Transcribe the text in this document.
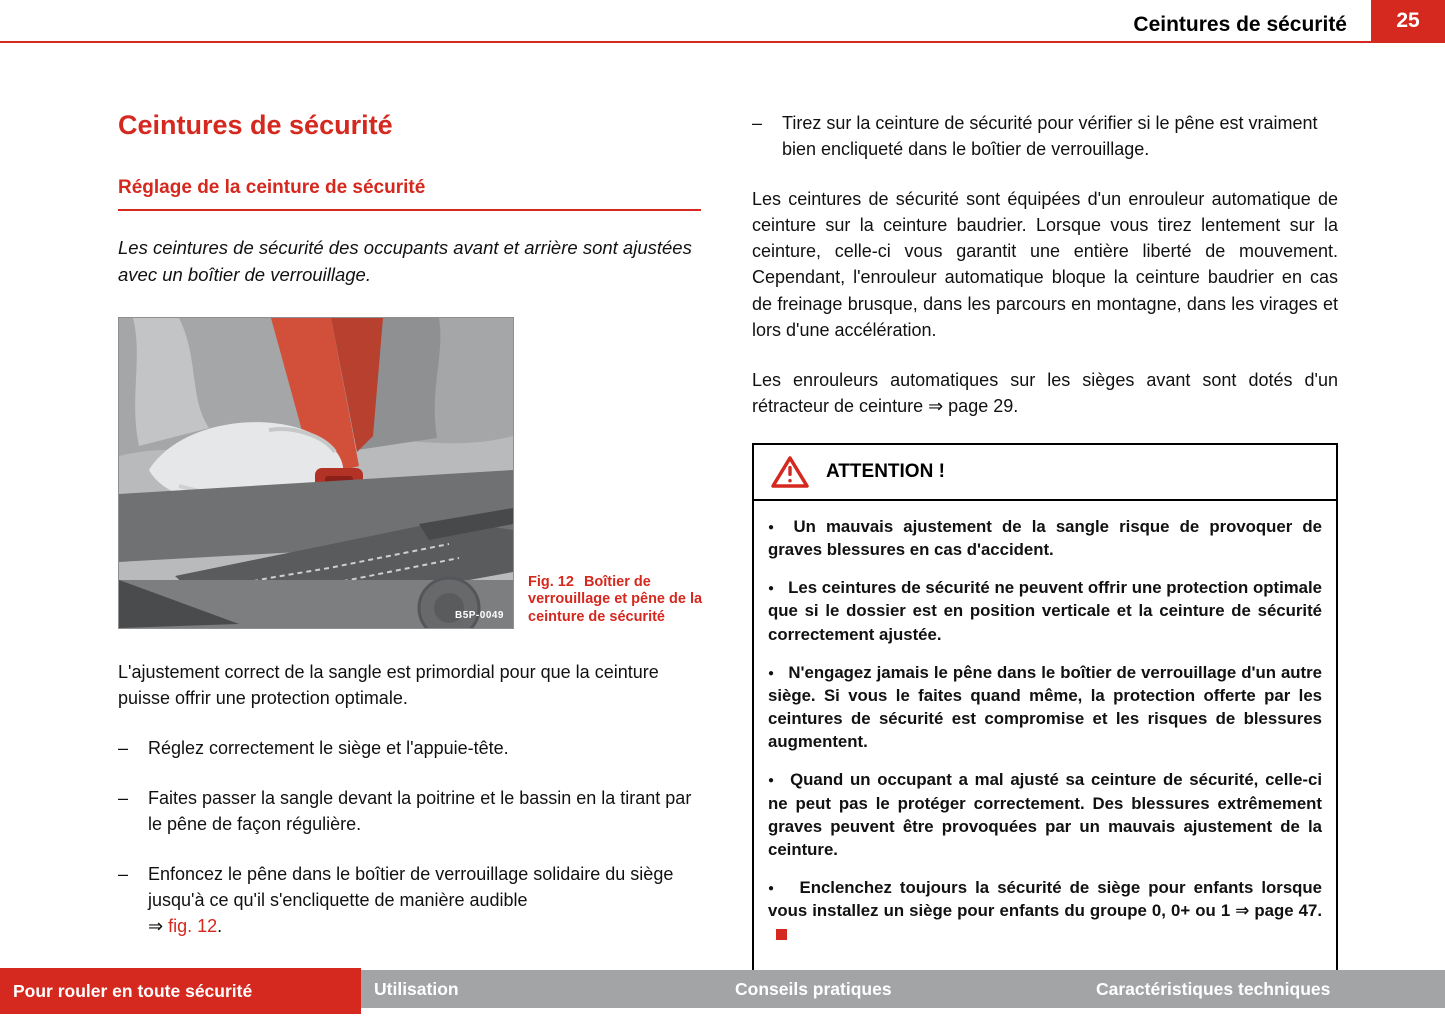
Ceintures de sécurité	25
Ceintures de sécurité
Réglage de la ceinture de sécurité

Les ceintures de sécurité des occupants avant et arrière sont ajustées avec un boîtier de verrouillage.

B5P-0049
Fig. 12 Boîtier de verrouillage et pêne de la ceinture de sécurité

L'ajustement correct de la sangle est primordial pour que la ceinture puisse offrir une protection optimale.

– Réglez correctement le siège et l'appuie-tête.
– Faites passer la sangle devant la poitrine et le bassin en la tirant par le pêne de façon régulière.
– Enfoncez le pêne dans le boîtier de verrouillage solidaire du siège jusqu'à ce qu'il s'encliquette de manière audible
⇒ fig. 12.
– Tirez sur la ceinture de sécurité pour vérifier si le pêne est vraiment bien encliqueté dans le boîtier de verrouillage.

Les ceintures de sécurité sont équipées d'un enrouleur automatique de ceinture sur la ceinture baudrier. Lorsque vous tirez lentement sur la ceinture, celle-ci vous garantit une entière liberté de mouvement. Cependant, l'enrouleur automatique bloque la ceinture baudrier en cas de freinage brusque, dans les parcours en montagne, dans les virages et lors d'une accélération.

Les enrouleurs automatiques sur les sièges avant sont dotés d'un rétracteur de ceinture ⇒ page 29.

ATTENTION !
● Un mauvais ajustement de la sangle risque de provoquer de graves blessures en cas d'accident.
● Les ceintures de sécurité ne peuvent offrir une protection optimale que si le dossier est en position verticale et la ceinture de sécurité correctement ajustée.
● N'engagez jamais le pêne dans le boîtier de verrouillage d'un autre siège. Si vous le faites quand même, la protection offerte par les ceintures de sécurité est compromise et les risques de blessures augmentent.
● Quand un occupant a mal ajusté sa ceinture de sécurité, celle-ci ne peut pas le protéger correctement. Des blessures extrêmement graves peuvent être provoquées par un mauvais ajustement de la ceinture.
● Enclenchez toujours la sécurité de siège pour enfants lorsque vous installez un siège pour enfants du groupe 0, 0+ ou 1 ⇒ page 47.
Pour rouler en toute sécurité	Utilisation	Conseils pratiques	Caractéristiques techniques
